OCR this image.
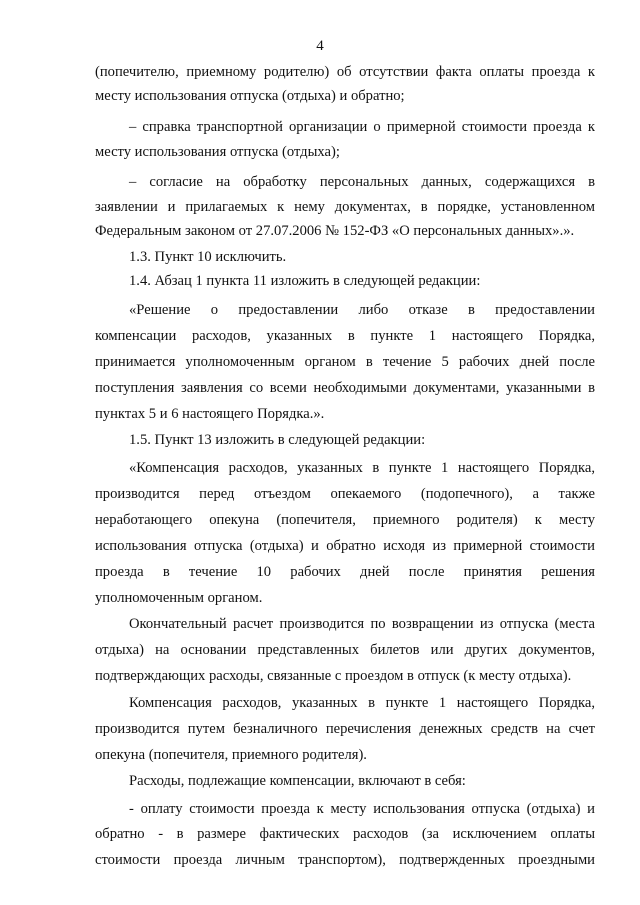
4
(попечителю, приемному родителю) об отсутствии факта оплаты проезда к
месту использования отпуска (отдыха) и обратно;
– справка транспортной организации о примерной стоимости проезда к
месту использования отпуска (отдыха);
– согласие на обработку персональных данных, содержащихся в
заявлении и прилагаемых к нему документах, в порядке, установленном
Федеральным законом от 27.07.2006 № 152-ФЗ «О персональных данных».».
1.3. Пункт 10 исключить.
1.4. Абзац 1 пункта 11 изложить в следующей редакции:
«Решение о предоставлении либо отказе в предоставлении
компенсации расходов, указанных в пункте 1 настоящего Порядка,
принимается уполномоченным органом в течение 5 рабочих дней после
поступления заявления со всеми необходимыми документами, указанными в
пунктах 5 и 6 настоящего Порядка.».
1.5. Пункт 13 изложить в следующей редакции:
«Компенсация расходов, указанных в пункте 1 настоящего Порядка,
производится перед отъездом опекаемого (подопечного), а также
неработающего опекуна (попечителя, приемного родителя) к месту
использования отпуска (отдыха) и обратно исходя из примерной стоимости
проезда в течение 10 рабочих дней после принятия решения
уполномоченным органом.
Окончательный расчет производится по возвращении из отпуска (места
отдыха) на основании представленных билетов или других документов,
подтверждающих расходы, связанные с проездом в отпуск (к месту отдыха).
Компенсация расходов, указанных в пункте 1 настоящего Порядка,
производится путем безналичного перечисления денежных средств на счет
опекуна (попечителя, приемного родителя).
Расходы, подлежащие компенсации, включают в себя:
- оплату стоимости проезда к месту использования отпуска (отдыха) и
обратно - в размере фактических расходов (за исключением оплаты
стоимости проезда личным транспортом), подтвержденных проездными
